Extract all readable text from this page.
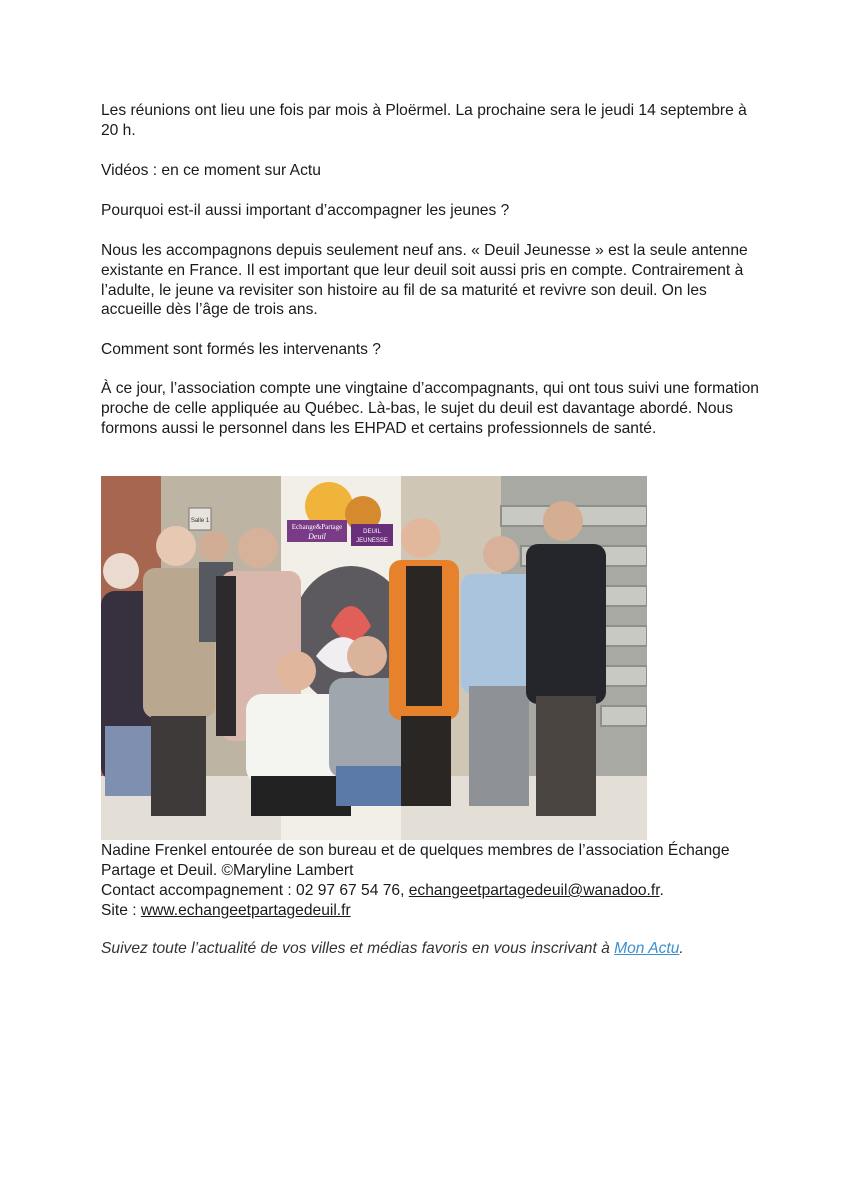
Les réunions ont lieu une fois par mois à Ploërmel. La prochaine sera le jeudi 14 septembre à 20 h.

Vidéos : en ce moment sur Actu

Pourquoi est-il aussi important d’accompagner les jeunes ?

Nous les accompagnons depuis seulement neuf ans. « Deuil Jeunesse » est la seule antenne existante en France. Il est important que leur deuil soit aussi pris en compte. Contrairement à l’adulte, le jeune va revisiter son histoire au fil de sa maturité et revivre son deuil. On les accueille dès l’âge de trois ans.

Comment sont formés les intervenants ?

À ce jour, l’association compte une vingtaine d’accompagnants, qui ont tous suivi une formation proche de celle appliquée au Québec. Là-bas, le sujet du deuil est davantage abordé. Nous formons aussi le personnel dans les EHPAD et certains professionnels de santé.

Salle 1
Echange&Partage
Deuil	DEUIL
JEUNESSE

Nadine Frenkel entourée de son bureau et de quelques membres de l’association Échange Partage et Deuil. ©Maryline Lambert

Contact accompagnement : 02 97 67 54 76, echangeetpartagedeuil@wanadoo.fr.

Site : www.echangeetpartagedeuil.fr

Suivez toute l’actualité de vos villes et médias favoris en vous inscrivant à Mon Actu.
